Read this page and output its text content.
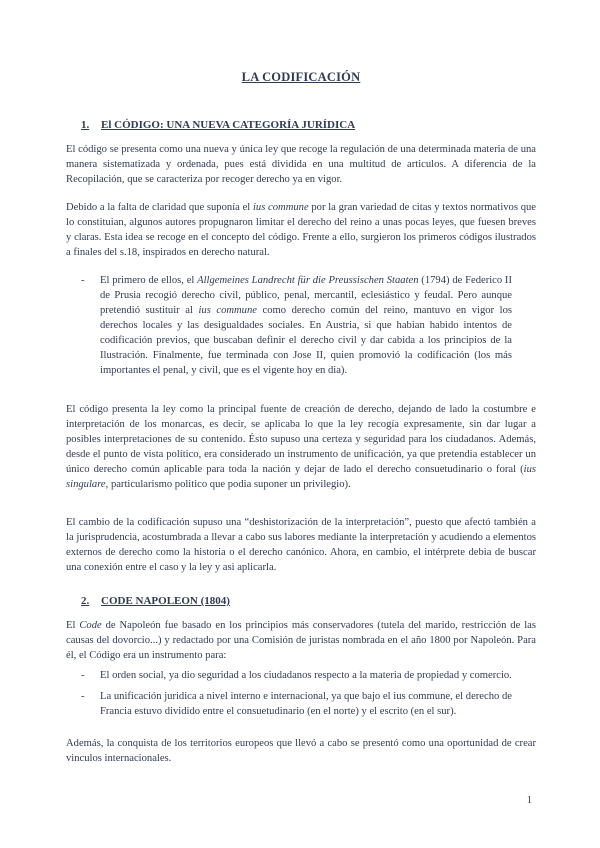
LA CODIFICACIÓN
1.	El CÓDIGO: UNA NUEVA CATEGORÍA JURÍDICA

El código se presenta como una nueva y única ley que recoge la regulación de una determinada materia de una manera sistematizada y ordenada, pues está dividida en una multitud de articulos. A diferencia de la Recopilación, que se caracteriza por recoger derecho ya en vigor.

Debido a la falta de claridad que suponía el ius commune por la gran variedad de citas y textos normativos que lo constituian, algunos autores propugnaron limitar el derecho del reino a unas pocas leyes, que fuesen breves y claras. Esta idea se recoge en el concepto del código. Frente a ello, surgieron los primeros códigos ilustrados a finales del s.18, inspirados en derecho natural.

-	El primero de ellos, el Allgemeines Landrecht für die Preussischen Staaten (1794) de Federico II de Prusia recogió derecho civil, público, penal, mercantil, eclesiástico y feudal. Pero aunque pretendió sustituir al ius commune como derecho común del reino, mantuvo en vigor los derechos locales y las desigualdades sociales. En Austria, si que habian habido intentos de codificación previos, que buscaban definir el derecho civil y dar cabida a los principios de la Ilustración. Finalmente, fue terminada con Jose II, quien promovió la codificación (los más importantes el penal, y civil, que es el vigente hoy en dia).

El código presenta la ley como la principal fuente de creación de derecho, dejando de lado la costumbre e interpretación de los monarcas, es decir, se aplicaba lo que la ley recogía expresamente, sin dar lugar a posibles interpretaciones de su contenido. Ésto supuso una certeza y seguridad para los ciudadanos. Además, desde el punto de vista político, era considerado un instrumento de unificación, ya que pretendia establecer un único derecho común aplicable para toda la nación y dejar de lado el derecho consuetudinario o foral (ius singulare, particularismo politico que podia suponer un privilegio).

El cambio de la codificación supuso una “deshistorización de la interpretación”, puesto que afectó también a la jurisprudencia, acostumbrada a llevar a cabo sus labores mediante la interpretación y acudiendo a elementos externos de derecho como la historia o el derecho canónico. Ahora, en cambio, el intérprete debia de buscar una conexión entre el caso y la ley y asi aplicarla.

2.	CODE NAPOLEON (1804)

El Code de Napoleón fue basado en los principios más conservadores (tutela del marido, restricción de las causas del dovorcio...) y redactado por una Comisión de juristas nombrada en el año 1800 por Napoleón. Para él, el Código era un instrumento para:

-	El orden social, ya dio seguridad a los ciudadanos respecto a la materia de propiedad y comercio.

-	La unificación juridica a nivel interno e internacional, ya que bajo el ius commune, el derecho de Francia estuvo dividido entre el consuetudinario (en el norte) y el escrito (en el sur).

Además, la conquista de los territorios europeos que llevó a cabo se presentó como una oportunidad de crear vinculos internacionales.

1
